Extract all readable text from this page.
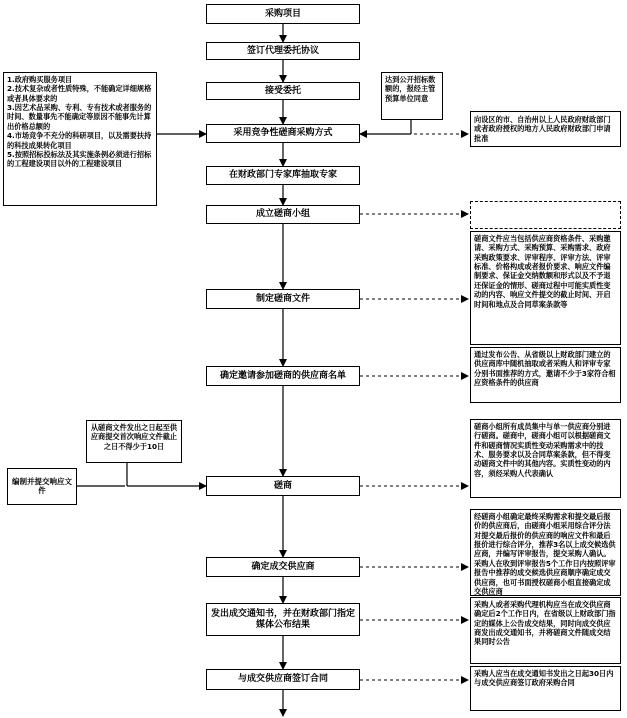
采购项目
签订代理委托协议
接受委托
采用竞争性磋商采购方式
在财政部门专家库抽取专家
成立磋商小组
制定磋商文件
确定邀请参加磋商的供应商名单
磋商
确定成交供应商
发出成交通知书，并在财政部门指定媒体公布结果
与成交供应商签订合同
1.政府购买服务项目
2.技术复杂或者性质特殊，不能确定详细规格或者具体要求的
3.因艺术品采购、专利、专有技术或者服务的时间、数量事先不能确定等原因不能事先计算出价格总额的
4.市场竞争不充分的科研项目，以及需要扶持的科技成果转化项目
5.按照招标投标法及其实施条例必须进行招标的工程建设项目以外的工程建设项目
从磋商文件发出之日起至供应商提交首次响应文件截止之日不得少于10日
编制并提交响应文件
达到公开招标数额的，报经主管预算单位同意
向设区的市、自治州以上人民政府财政部门或者政府授权的地方人民政府财政部门申请批准
磋商文件应当包括供应商资格条件、采购邀请、采购方式、采购预算、采购需求、政府采购政策要求、评审程序、评审方法、评审标准、价格构成或者报价要求、响应文件编制要求、保证金交纳数额和形式以及不予退还保证金的情形、磋商过程中可能实质性变动的内容、响应文件提交的截止时间、开启时间和地点及合同草案条款等
通过发布公告、从省级以上财政部门建立的供应商库中随机抽取或者采购人和评审专家分别书面推荐的方式，邀请不少于3家符合相应资格条件的供应商
磋商小组所有成员集中与单一供应商分别进行磋商。磋商中，磋商小组可以根据磋商文件和磋商情况实质性变动采购需求中的技术、服务要求以及合同草案条款，但不得变动磋商文件中的其他内容。实质性变动的内容，须经采购人代表确认
经磋商小组确定最终采购需求和提交最后报价的供应商后，由磋商小组采用综合评分法对提交最后报价的供应商的响应文件和最后报价进行综合评分，推荐3名以上成交候选供应商，并编写评审报告，提交采购人确认。采购人在收到评审报告5个工作日内按照评审报告中推荐的成交候选供应商顺序确定成交供应商，也可书面授权磋商小组直接确定成交供应商
采购人或者采购代理机构应当在成交供应商确定后2个工作日内，在省级以上财政部门指定的媒体上公告成交结果，同时向成交供应商发出成交通知书，并将磋商文件随成交结果同时公告
采购人应当在成交通知书发出之日起30日内与成交供应商签订政府采购合同
